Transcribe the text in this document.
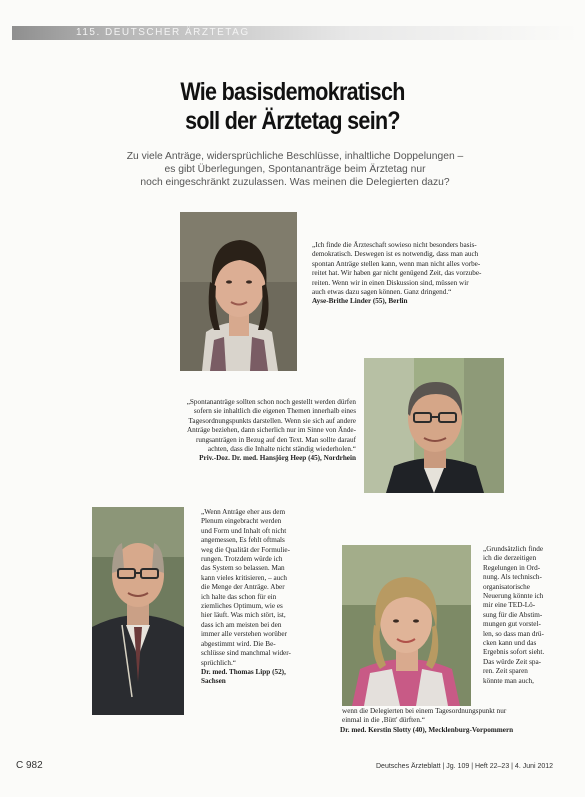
115. DEUTSCHER ÄRZTETAG
Wie basisdemokratisch
soll der Ärztetag sein?
Zu viele Anträge, widersprüchliche Beschlüsse, inhaltliche Doppelungen –
es gibt Überlegungen, Spontananträge beim Ärztetag nur
noch eingeschränkt zuzulassen. Was meinen die Delegierten dazu?
„Ich finde die Ärzteschaft sowieso nicht besonders basis-
demokratisch. Deswegen ist es notwendig, dass man auch
spontan Anträge stellen kann, wenn man nicht alles vorbe-
reitet hat. Wir haben gar nicht genügend Zeit, das vorzube-
reiten. Wenn wir in einen Diskussion sind, müssen wir
auch etwas dazu sagen können. Ganz dringend.“
Ayse-Brithe Linder (55), Berlin
„Spontananträge sollten schon noch gestellt werden dürfen
sofern sie inhaltlich die eigenen Themen innerhalb eines
Tagesordnungspunkts darstellen. Wenn sie sich auf andere
Anträge beziehen, dann sicherlich nur im Sinne von Ände-
rungsanträgen in Bezug auf den Text. Man sollte darauf
achten, dass die Inhalte nicht ständig wiederholen.“
Priv.-Doz. Dr. med. Hansjörg Heep (45), Nordrhein
„Wenn Anträge eher aus dem
Plenum eingebracht werden
und Form und Inhalt oft nicht
angemessen, Es fehlt oftmals
weg die Qualität der Formulie-
rungen. Trotzdem würde ich
das System so belassen. Man
kann vieles kritisieren, – auch
die Menge der Anträge. Aber
ich halte das schon für ein
ziemliches Optimum, wie es
hier läuft. Was mich stört, ist,
dass ich am meisten bei den
immer alle verstehen worüber
abgestimmt wird. Die Be-
schlüsse sind manchmal wider-
sprüchlich.“
Dr. med. Thomas Lipp (52),
Sachsen
„Grundsätzlich finde
ich die derzeitigen
Regelungen in Ord-
nung. Als technisch-
organisatorische
Neuerung könnte ich
mir eine TED-Lö-
sung für die Abstim-
mungen gut vorstel-
len, so dass man drü-
cken kann und das
Ergebnis sofort sieht.
Das würde Zeit spa-
ren. Zeit sparen
könnte man auch,
wenn die Delegierten bei einem Tagesordnungspunkt nur
einmal in die ‚Bütt' dürften.“
Dr. med. Kerstin Slotty (40), Mecklenburg-Vorpommern
C 982	Deutsches Ärzteblatt | Jg. 109 | Heft 22–23 | 4. Juni 2012
